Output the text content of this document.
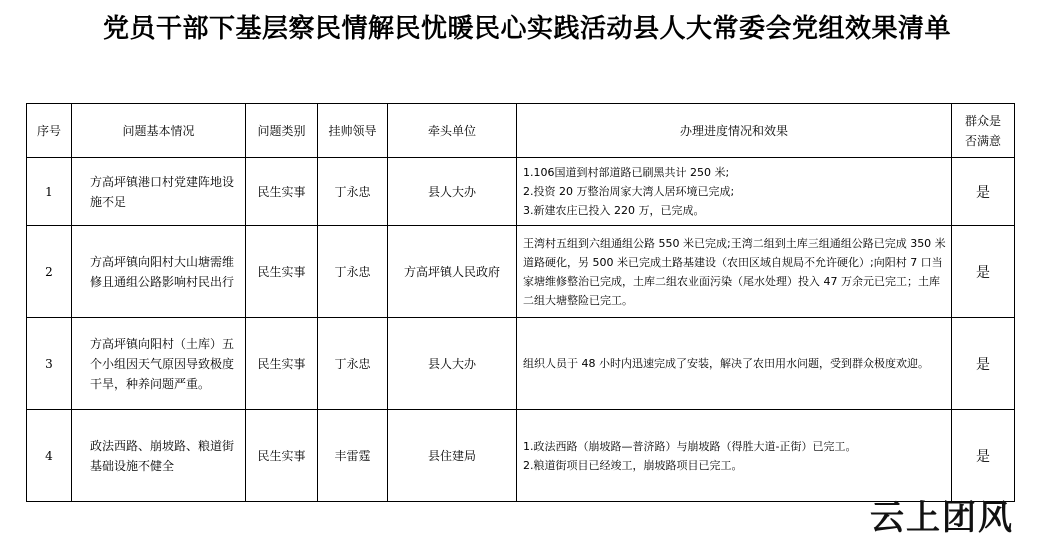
党员干部下基层察民情解民忧暖民心实践活动县人大常委会党组效果清单
序号	问题基本情况	问题类别	挂帅领导	牵头单位	办理进度情况和效果	群众是否满意
1	方高坪镇港口村党建阵地设施不足	民生实事	丁永忠	县人大办	1.106国道到村部道路已刷黑共计 250 米;
2.投资 20 万整治周家大湾人居环境已完成;
3.新建农庄已投入 220 万，已完成。	是
2	方高坪镇向阳村大山塘需维修且通组公路影响村民出行	民生实事	丁永忠	方高坪镇人民政府	王湾村五组到六组通组公路 550 米已完成;王湾二组到土库三组通组公路已完成 350 米道路硬化，另 500 米已完成土路基建设（农田区域自规局不允许硬化）;向阳村 7 口当家塘维修整治已完成，土库二组农业面污染（尾水处理）投入 47 万余元已完工；土库二组大塘整险已完工。	是
3	方高坪镇向阳村（土库）五个小组因天气原因导致极度干旱，种养问题严重。	民生实事	丁永忠	县人大办	组织人员于 48 小时内迅速完成了安装，解决了农田用水问题，受到群众极度欢迎。	是
4	政法西路、崩坡路、粮道街基础设施不健全	民生实事	丰雷霆	县住建局	1.政法西路（崩坡路—普济路）与崩坡路（得胜大道-正街）已完工。
2.粮道街项目已经竣工，崩坡路项目已完工。	是
云上团风
